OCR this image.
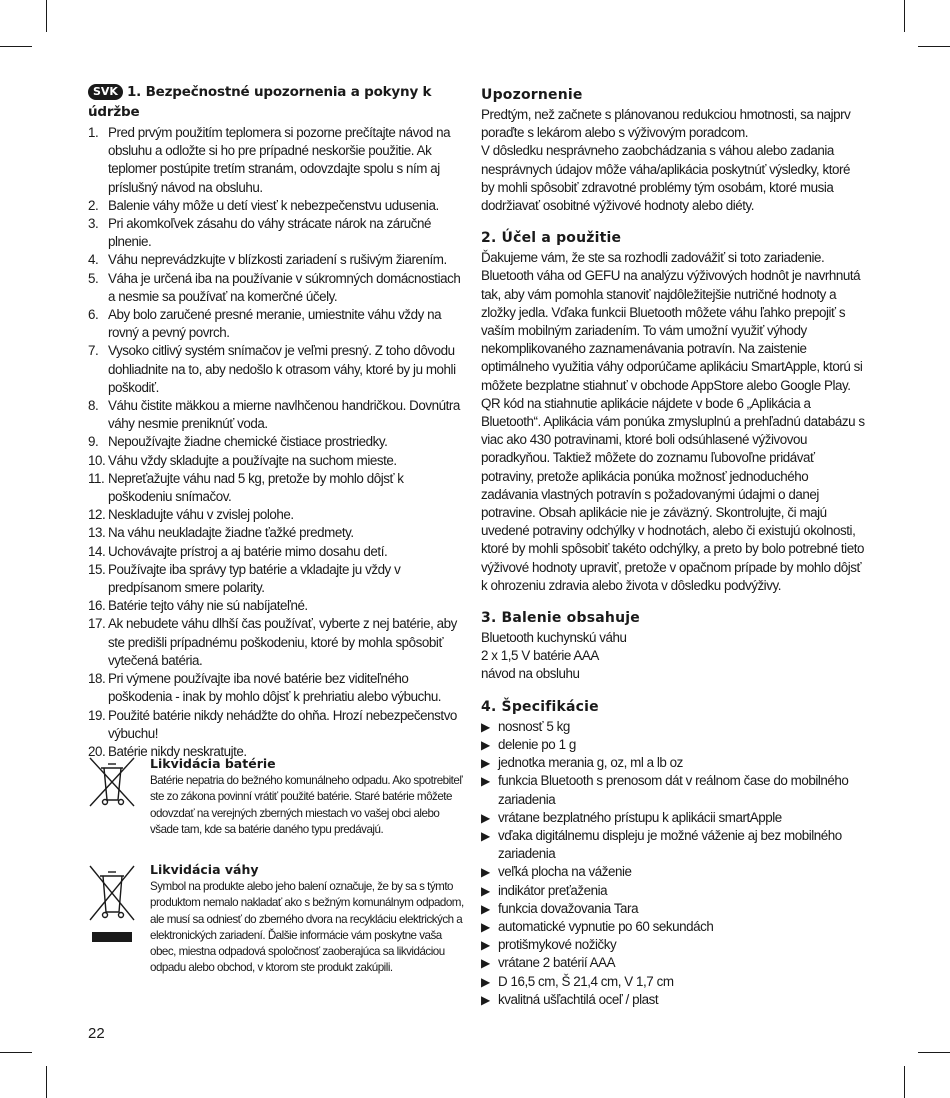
SVK 1. Bezpečnostné upozornenia a pokyny k údržbe
1. Pred prvým použitím teplomera si pozorne prečítajte návod na obsluhu a odložte si ho pre prípadné neskoršie použitie. Ak teplomer postúpite tretím stranám, odovzdajte spolu s ním aj príslušný návod na obsluhu.
2. Balenie váhy môže u detí viesť k nebezpečenstvu udusenia.
3. Pri akomkoľvek zásahu do váhy strácate nárok na záručné plnenie.
4. Váhu neprevádzkujte v blízkosti zariadení s rušivým žiarením.
5. Váha je určená iba na používanie v súkromných domácnostiach a nesmie sa používať na komerčné účely.
6. Aby bolo zaručené presné meranie, umiestnite váhu vždy na rovný a pevný povrch.
7. Vysoko citlivý systém snímačov je veľmi presný. Z toho dôvodu dohliadnite na to, aby nedošlo k otrasom váhy, ktoré by ju mohli poškodiť.
8. Váhu čistite mäkkou a mierne navlhčenou handričkou. Dovnútra váhy nesmie preniknúť voda.
9. Nepoužívajte žiadne chemické čistiace prostriedky.
10. Váhu vždy skladujte a používajte na suchom mieste.
11. Nepreťažujte váhu nad 5 kg, pretože by mohlo dôjsť k poškodeniu snímačov.
12. Neskladujte váhu v zvislej polohe.
13. Na váhu neukladajte žiadne ťažké predmety.
14. Uchovávajte prístroj a aj batérie mimo dosahu detí.
15. Používajte iba správy typ batérie a vkladajte ju vždy v predpísanom smere polarity.
16. Batérie tejto váhy nie sú nabíjateľné.
17. Ak nebudete váhu dlhší čas používať, vyberte z nej batérie, aby ste predišli prípadnému poškodeniu, ktoré by mohla spôsobiť vytečená batéria.
18. Pri výmene používajte iba nové batérie bez viditeľného poškodenia - inak by mohlo dôjsť k prehriatiu alebo výbuchu.
19. Použité batérie nikdy nehádžte do ohňa. Hrozí nebezpečenstvo výbuchu!
20. Batérie nikdy neskratujte.
Likvidácia batérie
Batérie nepatria do bežného komunálneho odpadu. Ako spotrebiteľ ste zo zákona povinní vrátiť použité batérie. Staré batérie môžete odovzdať na verejných zberných miestach vo vašej obci alebo všade tam, kde sa batérie daného typu predávajú.
Likvidácia váhy
Symbol na produkte alebo jeho balení označuje, že by sa s týmto produktom nemalo nakladať ako s bežným komunálnym odpadom, ale musí sa odniesť do zberného dvora na recykláciu elektrických a elektronických zariadení. Ďalšie informácie vám poskytne vaša obec, miestna odpadová spoločnosť zaoberajúca sa likvidáciou odpadu alebo obchod, v ktorom ste produkt zakúpili.
Upozornenie

Predtým, než začnete s plánovanou redukciou hmotnosti, sa najprv poraďte s lekárom alebo s výživovým poradcom.

V dôsledku nesprávneho zaobchádzania s váhou alebo zadania nesprávnych údajov môže váha/aplikácia poskytnúť výsledky, ktoré by mohli spôsobiť zdravotné problémy tým osobám, ktoré musia dodržiavať osobitné výživové hodnoty alebo diéty.

2. Účel a použitie

Ďakujeme vám, že ste sa rozhodli zadovážiť si toto zariadenie. Bluetooth váha od GEFU na analýzu výživových hodnôt je navrhnutá tak, aby vám pomohla stanoviť najdôležitejšie nutričné hodnoty a zložky jedla. Vďaka funkcii Bluetooth môžete váhu ľahko prepojiť s vaším mobilným zariadením. To vám umožní využiť výhody nekomplikovaného zaznamenávania potravín. Na zaistenie optimálneho využitia váhy odporúčame aplikáciu SmartApple, ktorú si môžete bezplatne stiahnuť v obchode AppStore alebo Google Play. QR kód na stiahnutie aplikácie nájdete v bode 6 „Aplikácia a Bluetooth“. Aplikácia vám ponúka zmysluplnú a prehľadnú databázu s viac ako 430 potravinami, ktoré boli odsúhlasené výživovou poradkyňou. Taktiež môžete do zoznamu ľubovoľne pridávať potraviny, pretože aplikácia ponúka možnosť jednoduchého zadávania vlastných potravín s požadovanými údajmi o danej potravine. Obsah aplikácie nie je záväzný. Skontrolujte, či majú uvedené potraviny odchýlky v hodnotách, alebo či existujú okolnosti, ktoré by mohli spôsobiť takéto odchýlky, a preto by bolo potrebné tieto výživové hodnoty upraviť, pretože v opačnom prípade by mohlo dôjsť k ohrozeniu zdravia alebo života v dôsledku podvýživy.

3. Balenie obsahuje
Bluetooth kuchynskú váhu
2 x 1,5 V batérie AAA
návod na obsluhu
4. Špecifikácie
▶ nosnosť 5 kg
▶ delenie po 1 g
▶ jednotka merania g, oz, ml a lb oz
▶ funkcia Bluetooth s prenosom dát v reálnom čase do mobilného zariadenia
▶ vrátane bezplatného prístupu k aplikácii smartApple
▶ vďaka digitálnemu displeju je možné váženie aj bez mobilného zariadenia
▶ veľká plocha na váženie
▶ indikátor preťaženia
▶ funkcia dovažovania Tara
▶ automatické vypnutie po 60 sekundách
▶ protišmykové nožičky
▶ vrátane 2 batérií AAA
▶ D 16,5 cm, Š 21,4 cm, V 1,7 cm
▶ kvalitná ušľachtilá oceľ / plast
22
